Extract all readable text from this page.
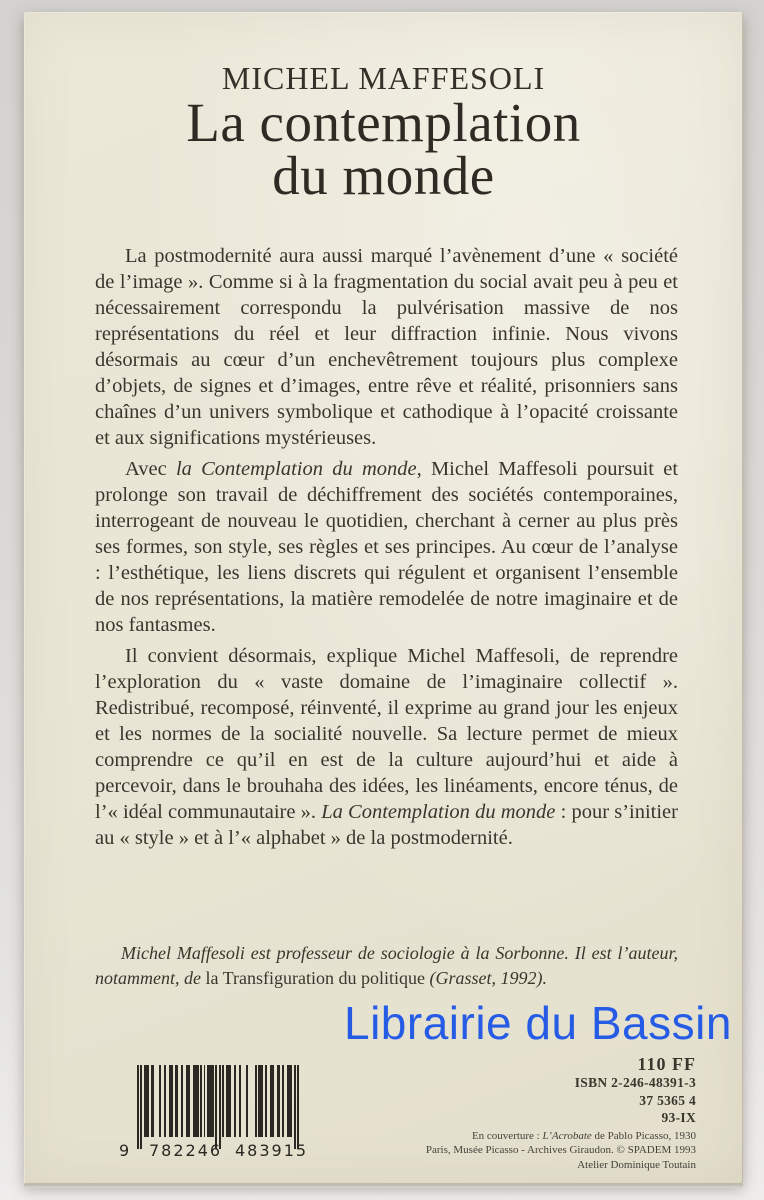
MICHEL MAFFESOLI
La contemplation
du monde

La postmodernité aura aussi marqué l’avènement d’une « société de l’image ». Comme si à la fragmentation du social avait peu à peu et nécessairement correspondu la pulvérisation massive de nos représentations du réel et leur diffraction infinie. Nous vivons désormais au cœur d’un enchevêtrement toujours plus complexe d’objets, de signes et d’images, entre rêve et réalité, prisonniers sans chaînes d’un univers symbolique et cathodique à l’opacité croissante et aux significations mystérieuses.

Avec la Contemplation du monde, Michel Maffesoli poursuit et prolonge son travail de déchiffrement des sociétés contemporaines, interrogeant de nouveau le quotidien, cherchant à cerner au plus près ses formes, son style, ses règles et ses principes. Au cœur de l’analyse : l’esthétique, les liens discrets qui régulent et organisent l’ensemble de nos représentations, la matière remodelée de notre imaginaire et de nos fantasmes.

Il convient désormais, explique Michel Maffesoli, de reprendre l’exploration du « vaste domaine de l’imaginaire collectif ». Redistribué, recomposé, réinventé, il exprime au grand jour les enjeux et les normes de la socialité nouvelle. Sa lecture permet de mieux comprendre ce qu’il en est de la culture aujourd’hui et aide à percevoir, dans le brouhaha des idées, les linéaments, encore ténus, de l’« idéal communautaire ». La Contemplation du monde : pour s’initier au « style » et à l’« alphabet » de la postmodernité.

Michel Maffesoli est professeur de sociologie à la Sorbonne. Il est l’auteur, notamment, de la Transfiguration du politique (Grasset, 1992).
Librairie du Bassin
110 FF
ISBN 2-246-48391-3
37 5365 4
93-IX
En couverture : L’Acrobate de Pablo Picasso, 1930
Paris, Musée Picasso - Archives Giraudon. © SPADEM 1993
Atelier Dominique Toutain
9 782246 483915
